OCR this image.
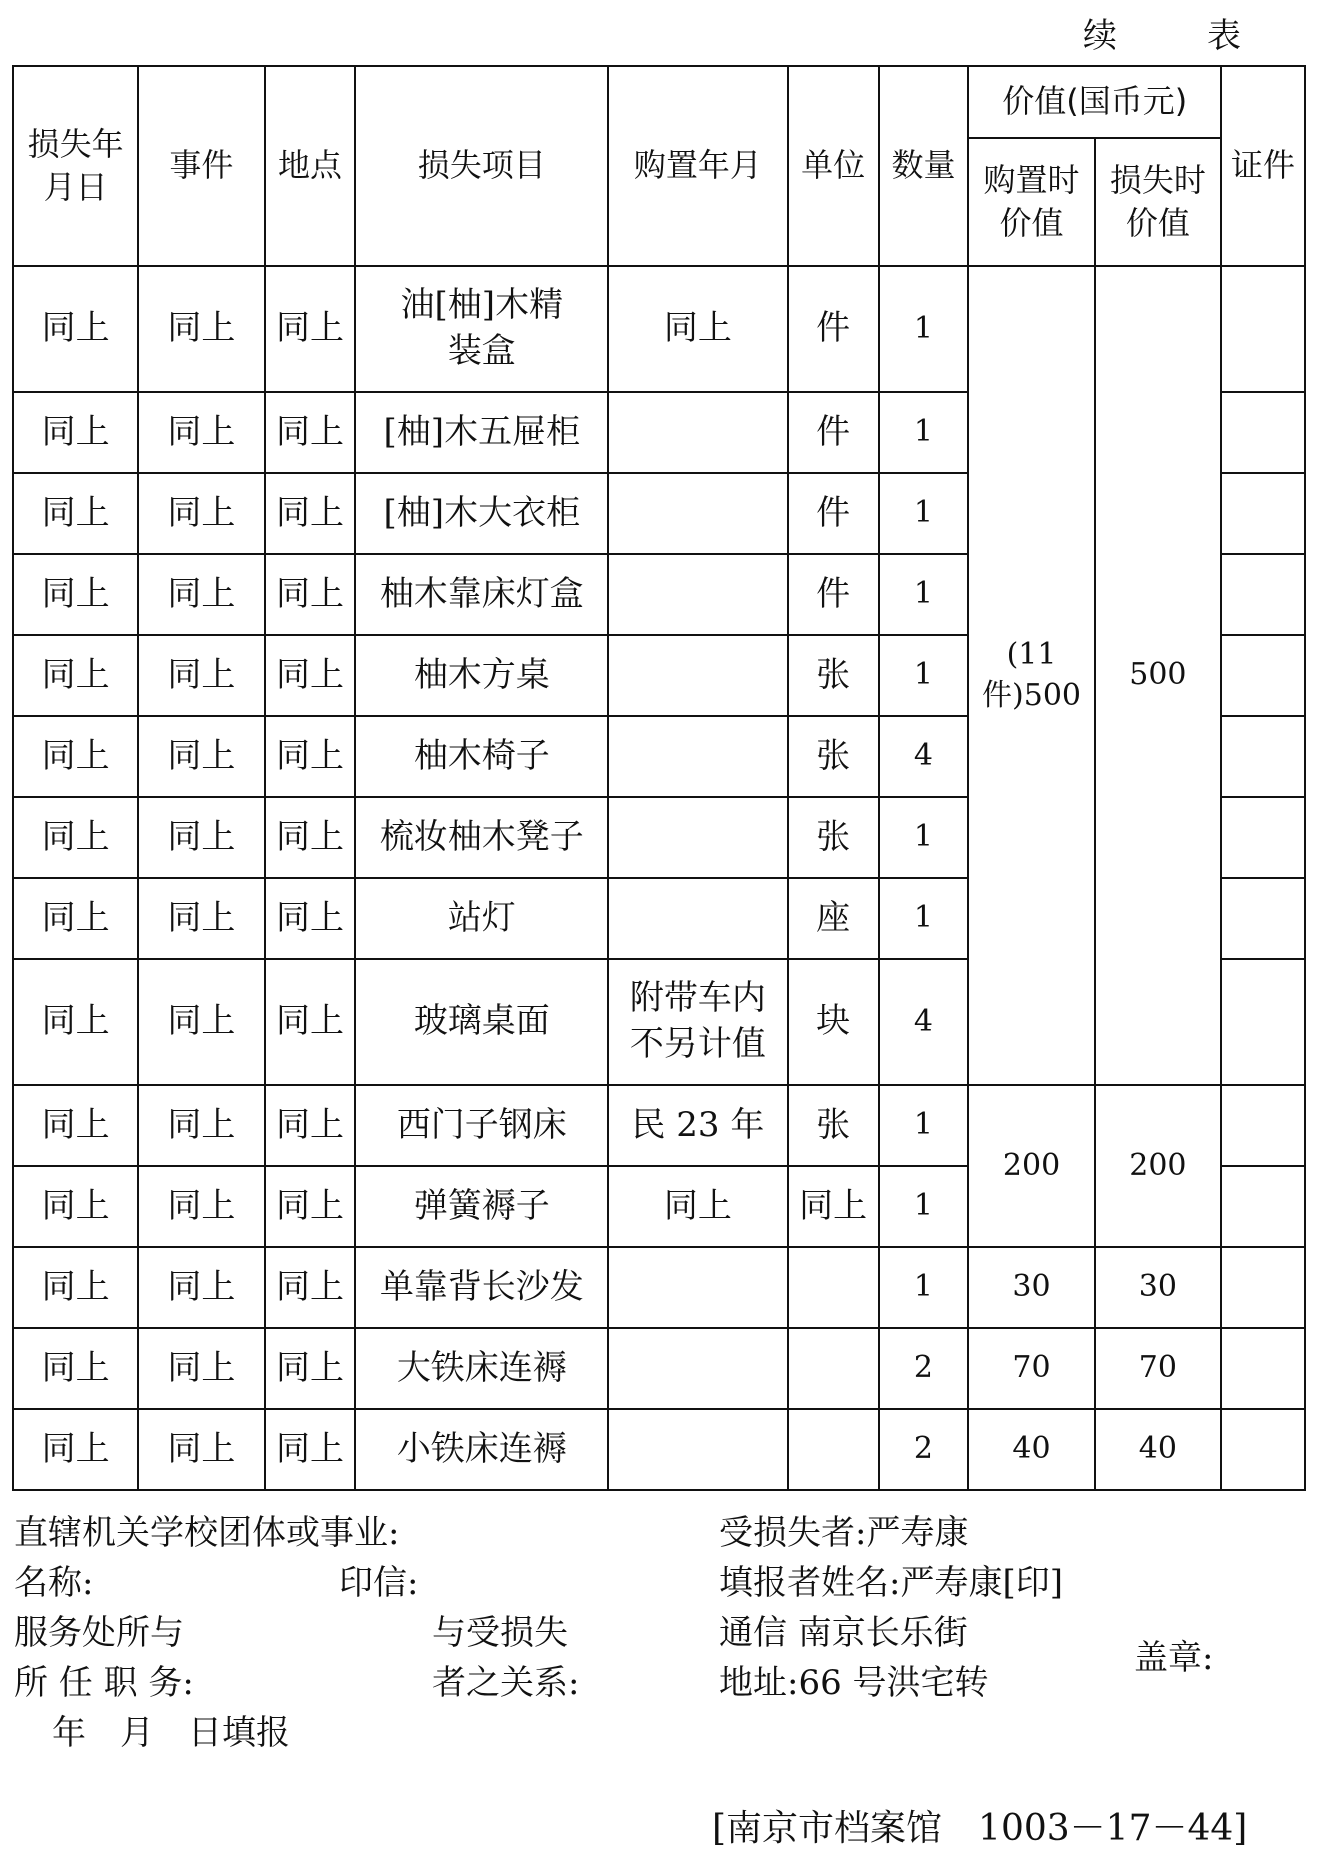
续　表
损失年月日	事件	地点	损失项目	购置年月	单位	数量	价值(国币元)		证件
							购置时价值	损失时价值	
同上	同上	同上	油[柚]木精装盒	同上	件	1	(11 件)500	500	
同上	同上	同上	[柚]木五屉柜		件	1			
同上	同上	同上	[柚]木大衣柜		件	1			
同上	同上	同上	柚木靠床灯盒		件	1			
同上	同上	同上	柚木方桌		张	1			
同上	同上	同上	柚木椅子		张	4			
同上	同上	同上	梳妆柚木凳子		张	1			
同上	同上	同上	站灯		座	1			
同上	同上	同上	玻璃桌面	附带车内不另计值	块	4			
同上	同上	同上	西门子钢床	民 23 年	张	1	200	200	
同上	同上	同上	弹簧褥子	同上	同上	1			
同上	同上	同上	单靠背长沙发			1	30	30	
同上	同上	同上	大铁床连褥			2	70	70	
同上	同上	同上	小铁床连褥			2	40	40	
直辖机关学校团体或事业:
名称:	印信:
服务处所与
所 任 职 务:
与受损失
者之关系:
年　月　日填报
受损失者:严寿康
填报者姓名:严寿康[印]
通信 南京长乐街
地址:66 号洪宅转
盖章:
[南京市档案馆　1003－17－44]
